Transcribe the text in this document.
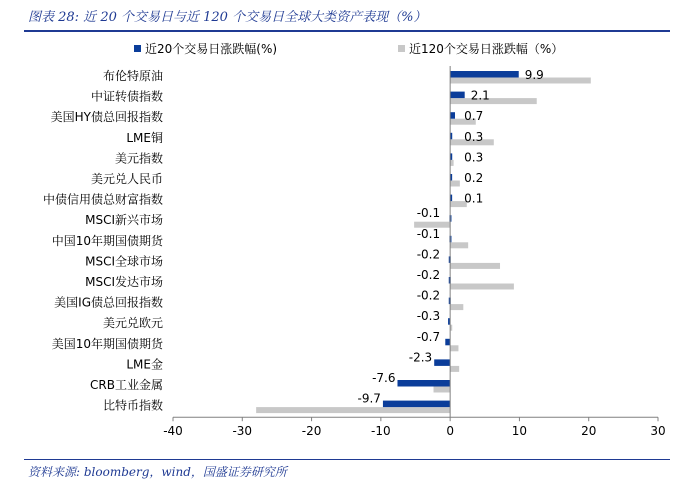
图表 28: 近 20 个交易日与近 120 个交易日全球大类资产表现（%）
近20个交易日涨跌幅(%)	近120个交易日涨跌幅（%）
布伦特原油	9.9
中证转债指数	2.1
美国HY债总回报指数	0.7
LME铜	0.3
美元指数	0.3
美元兑人民币	0.2
中债信用债总财富指数	0.1
MSCI新兴市场	-0.1
中国10年期国债期货	-0.1
MSCI全球市场	-0.2
MSCI发达市场	-0.2
美国IG债总回报指数	-0.2
美元兑欧元	-0.3
美国10年期国债期货	-0.7
LME金	-2.3
CRB工业金属	-7.6
比特币指数	-9.7
-40	-30	-20	-10	0	10	20	30
资料来源: bloomberg，wind，国盛证券研究所
